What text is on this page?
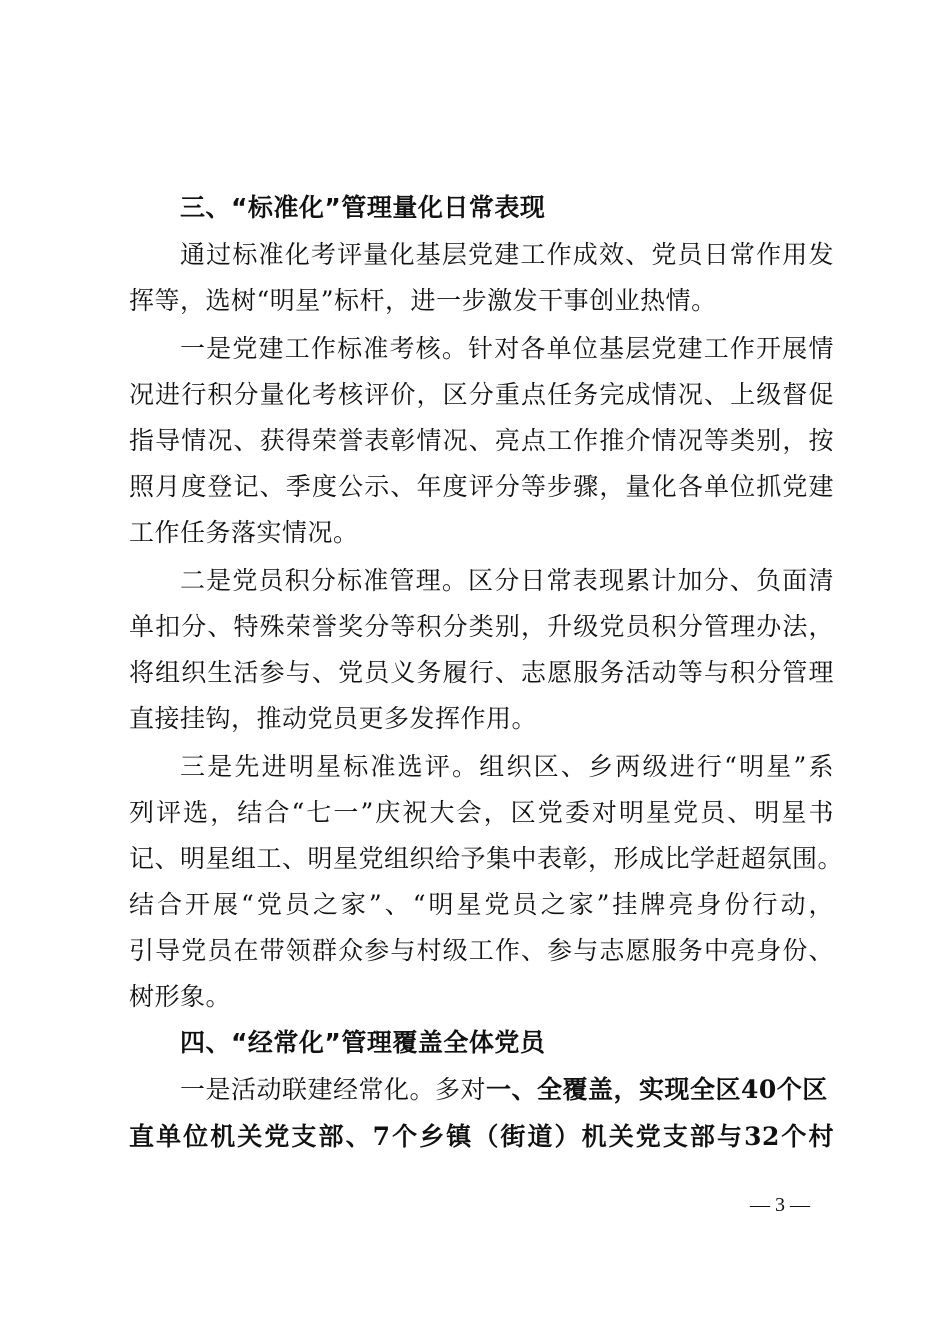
三、“标准化”管理量化日常表现
通过标准化考评量化基层党建工作成效、党员日常作用发
挥等，选树“明星”标杆，进一步激发干事创业热情。
一是党建工作标准考核。针对各单位基层党建工作开展情
况进行积分量化考核评价，区分重点任务完成情况、上级督促
指导情况、获得荣誉表彰情况、亮点工作推介情况等类别，按
照月度登记、季度公示、年度评分等步骤，量化各单位抓党建
工作任务落实情况。
二是党员积分标准管理。区分日常表现累计加分、负面清
单扣分、特殊荣誉奖分等积分类别，升级党员积分管理办法，
将组织生活参与、党员义务履行、志愿服务活动等与积分管理
直接挂钩，推动党员更多发挥作用。
三是先进明星标准选评。组织区、乡两级进行“明星”系
列评选，结合“七一”庆祝大会，区党委对明星党员、明星书
记、明星组工、明星党组织给予集中表彰，形成比学赶超氛围。
结合开展“党员之家”、“明星党员之家”挂牌亮身份行动，
引导党员在带领群众参与村级工作、参与志愿服务中亮身份、
树形象。
四、“经常化”管理覆盖全体党员
一是活动联建经常化。多对一、全覆盖，实现全区40个区
直单位机关党支部、7个乡镇（街道）机关党支部与32个村
— 3 —
